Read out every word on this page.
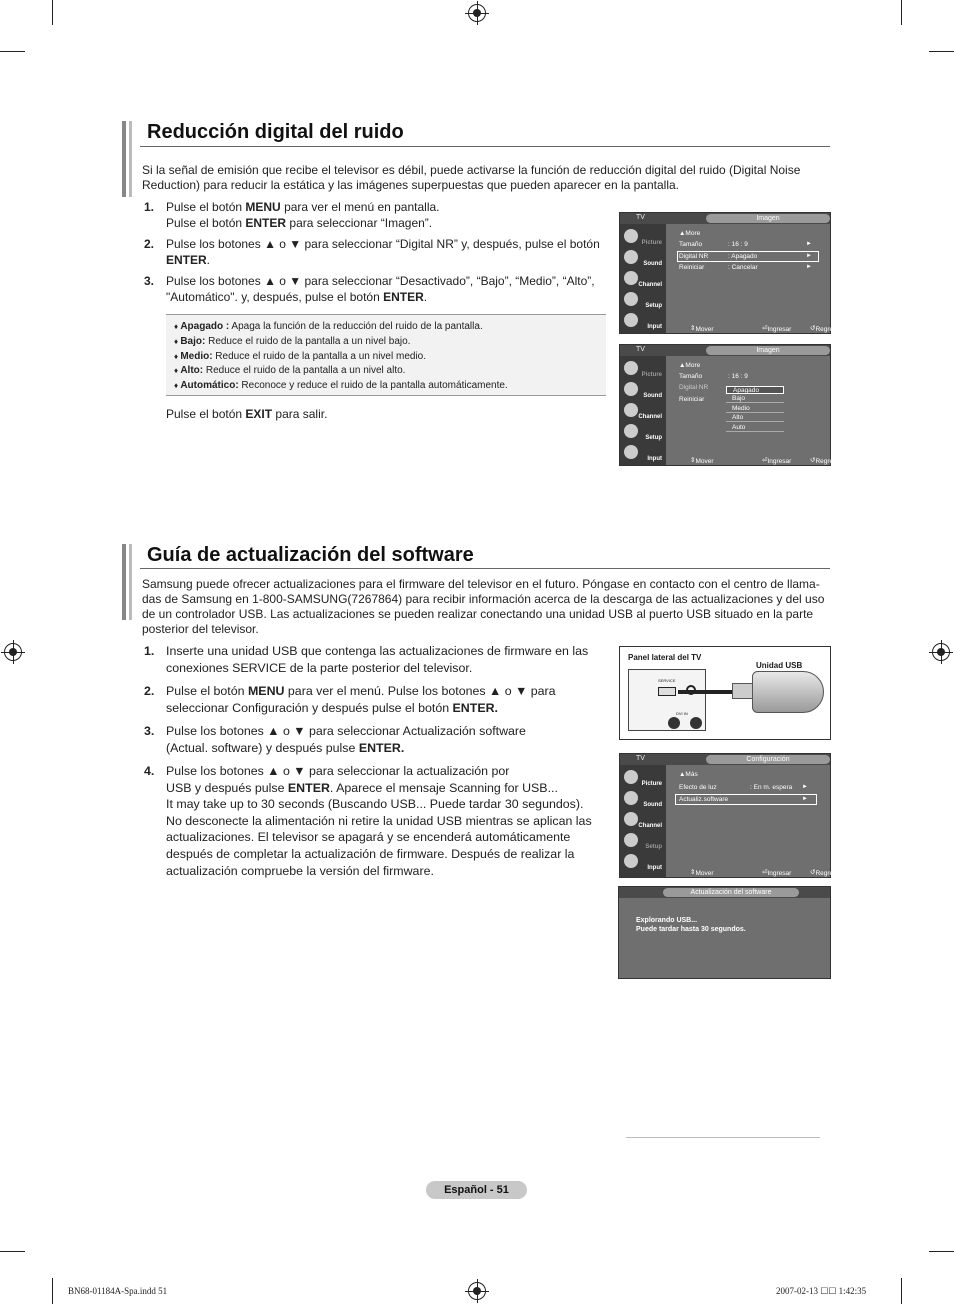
Reducción digital del ruido
Si la señal de emisión que recibe el televisor es débil, puede activarse la función de reducción digital del ruido (Digital Noise
Reduction) para reducir la estática y las imágenes superpuestas que pueden aparecer en la pantalla.
1. Pulse el botón MENU para ver el menú en pantalla.
Pulse el botón ENTER para seleccionar “Imagen”.
2. Pulse los botones ▲ o ▼ para seleccionar “Digital NR” y, después, pulse el botón
ENTER.
3. Pulse los botones ▲ o ▼ para seleccionar “Desactivado”, “Bajo”, “Medio”, “Alto”,
"Automático". y, después, pulse el botón ENTER.
♦ Apagado : Apaga la función de la reducción del ruido de la pantalla.
♦ Bajo: Reduce el ruido de la pantalla a un nivel bajo.
♦ Medio: Reduce el ruido de la pantalla a un nivel medio.
♦ Alto: Reduce el ruido de la pantalla a un nivel alto.
♦ Automático: Reconoce y reduce el ruido de la pantalla automáticamente.
Pulse el botón EXIT para salir.
TV	Imagen
Picture
Sound
Channel
Setup
Input
▲More
Tamaño	: 16 : 9	►
Digital NR	: Apagado	►
Reiniciar	: Cancelar	►
⇕ Mover	⏎ Ingresar	↺ Regresar
TV	Imagen
Picture
Sound
Channel
Setup
Input
▲More
Tamaño	: 16 : 9
Digital NR
Reiniciar
Apagado
Bajo
Medio
Alto
Auto
⇕ Mover	⏎ Ingresar	↺ Regresar
Guía de actualización del software
Samsung puede ofrecer actualizaciones para el firmware del televisor en el futuro. Póngase en contacto con el centro de llama-
das de Samsung en 1-800-SAMSUNG(7267864) para recibir información acerca de la descarga de las actualizaciones y del uso
de un controlador USB. Las actualizaciones se pueden realizar conectando una unidad USB al puerto USB situado en la parte
posterior del televisor.
1. Inserte una unidad USB que contenga las actualizaciones de firmware en las
conexiones SERVICE de la parte posterior del televisor.
2. Pulse el botón MENU para ver el menú. Pulse los botones ▲ o ▼ para
seleccionar Configuración y después pulse el botón ENTER.
3. Pulse los botones ▲ o ▼ para seleccionar Actualización software
(Actual. software) y después pulse ENTER.
4. Pulse los botones ▲ o ▼ para seleccionar la actualización por
USB y después pulse ENTER. Aparece el mensaje Scanning for USB...
It may take up to 30 seconds (Buscando USB... Puede tardar 30 segundos).
No desconecte la alimentación ni retire la unidad USB mientras se aplican las
actualizaciones. El televisor se apagará y se encenderá automáticamente
después de completar la actualización de firmware. Después de realizar la
actualización compruebe la versión del firmware.
Panel lateral del TV
Unidad USB
SERVICE
DVI IN
TV	Configuración
Picture
Sound
Channel
Setup
Input
▲Más
Efecto de luz	: En m. espera ►
Actualiz.software	►
⇕ Mover	⏎ Ingresar	↺ Regresar
Actualización del software
Explorando USB...
Puede tardar hasta 30 segundos.
Español - 51
BN68-01184A-Spa.indd 51	2007-02-13 ☐☐ 1:42:35
